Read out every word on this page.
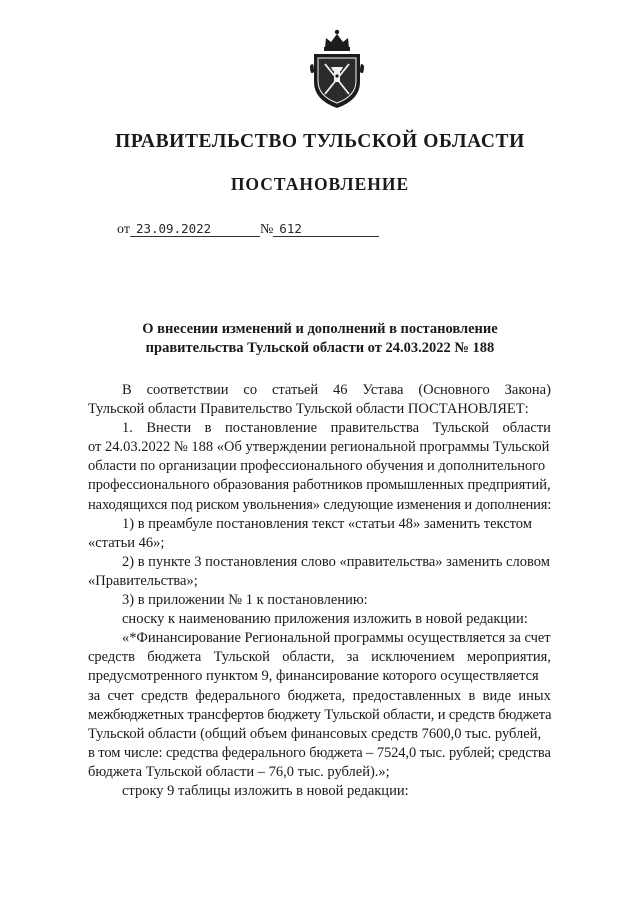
ПРАВИТЕЛЬСТВО ТУЛЬСКОЙ ОБЛАСТИ
ПОСТАНОВЛЕНИЕ
от 23.09.2022	№ 612
О внесении изменений и дополнений в постановление
правительства Тульской области от 24.03.2022 № 188
В соответствии со статьей 46 Устава (Основного Закона)
Тульской области Правительство Тульской области ПОСТАНОВЛЯЕТ:
1. Внести в постановление правительства Тульской области
от 24.03.2022 № 188 «Об утверждении региональной программы Тульской
области по организации профессионального обучения и дополнительного
профессионального образования работников промышленных предприятий,
находящихся под риском увольнения» следующие изменения и дополнения:
1) в преамбуле постановления текст «статьи 48» заменить текстом
«статьи 46»;
2) в пункте 3 постановления слово «правительства» заменить словом
«Правительства»;
3) в приложении № 1 к постановлению:
сноску к наименованию приложения изложить в новой редакции:
«*Финансирование Региональной программы осуществляется за счет
средств бюджета Тульской области, за исключением мероприятия,
предусмотренного пунктом 9, финансирование которого осуществляется
за счет средств федерального бюджета, предоставленных в виде иных
межбюджетных трансфертов бюджету Тульской области, и средств бюджета
Тульской области (общий объем финансовых средств 7600,0 тыс. рублей,
в том числе: средства федерального бюджета – 7524,0 тыс. рублей; средства
бюджета Тульской области – 76,0 тыс. рублей).»;
строку 9 таблицы изложить в новой редакции:
